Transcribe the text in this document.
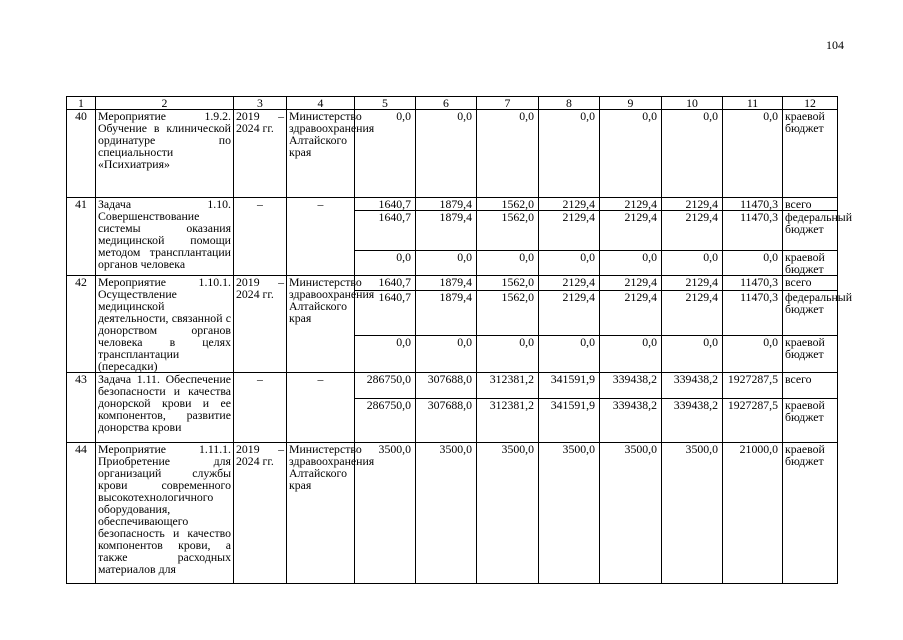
104
1	2	3	4	5	6	7	8	9	10	11	12
40	Мероприятие 1.9.2. Обучение в клинической ординатуре по специальности «Психиатрия»	2019 – 2024 гг.	Министерство здравоохранения Алтайского края	0,0	0,0	0,0	0,0	0,0	0,0	0,0	краевой бюджет
41	Задача 1.10. Совершенствование системы оказания медицинской помощи методом трансплантации органов человека	–	–	1640,7	1879,4	1562,0	2129,4	2129,4	2129,4	11470,3	всего
				1640,7	1879,4	1562,0	2129,4	2129,4	2129,4	11470,3	федеральный бюджет
				0,0	0,0	0,0	0,0	0,0	0,0	0,0	краевой бюджет
42	Мероприятие 1.10.1. Осуществление медицинской деятельности, связанной с донорством органов человека в целях трансплантации (пересадки)	2019 – 2024 гг.	Министерство здравоохранения Алтайского края	1640,7	1879,4	1562,0	2129,4	2129,4	2129,4	11470,3	всего
				1640,7	1879,4	1562,0	2129,4	2129,4	2129,4	11470,3	федеральный бюджет
				0,0	0,0	0,0	0,0	0,0	0,0	0,0	краевой бюджет
43	Задача 1.11. Обеспечение безопасности и качества донорской крови и ее компонентов, развитие донорства крови	–	–	286750,0	307688,0	312381,2	341591,9	339438,2	339438,2	1927287,5	всего
				286750,0	307688,0	312381,2	341591,9	339438,2	339438,2	1927287,5	краевой бюджет
44	Мероприятие 1.11.1. Приобретение для организаций службы крови современного высокотехнологичного оборудования, обеспечивающего безопасность и качество компонентов крови, а также расходных материалов для	2019 – 2024 гг.	Министерство здравоохранения Алтайского края	3500,0	3500,0	3500,0	3500,0	3500,0	3500,0	21000,0	краевой бюджет
